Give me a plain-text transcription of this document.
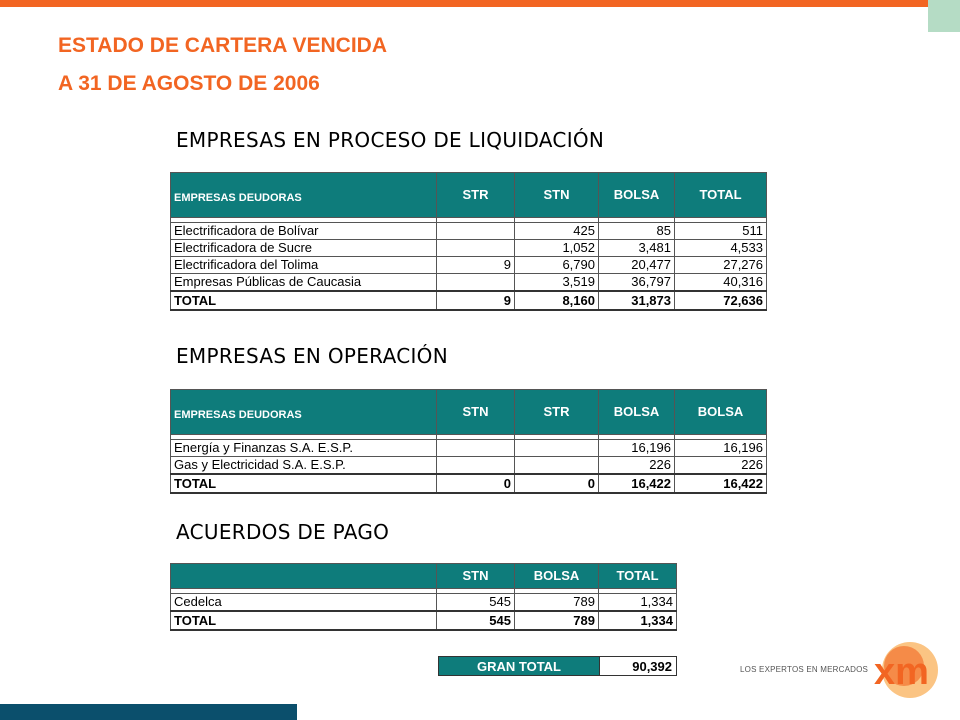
ESTADO DE CARTERA VENCIDA
A 31 DE AGOSTO DE 2006
EMPRESAS EN PROCESO DE LIQUIDACIÓN
EMPRESAS DEUDORAS	STR	STN	BOLSA	TOTAL

Electrificadora de Bolívar		425	85	511
Electrificadora de Sucre		1,052	3,481	4,533
Electrificadora del Tolima	9	6,790	20,477	27,276
Empresas Públicas de Caucasia		3,519	36,797	40,316
TOTAL	9	8,160	31,873	72,636
EMPRESAS EN OPERACIÓN
EMPRESAS DEUDORAS	STN	STR	BOLSA	BOLSA

Energía y Finanzas S.A. E.S.P.			16,196	16,196
Gas y Electricidad S.A. E.S.P.			226	226
TOTAL	0	0	16,422	16,422
ACUERDOS DE PAGO
	STN	BOLSA	TOTAL

Cedelca	545	789	1,334
TOTAL	545	789	1,334
GRAN TOTAL	90,392	LOS EXPERTOS EN MERCADOS xm
